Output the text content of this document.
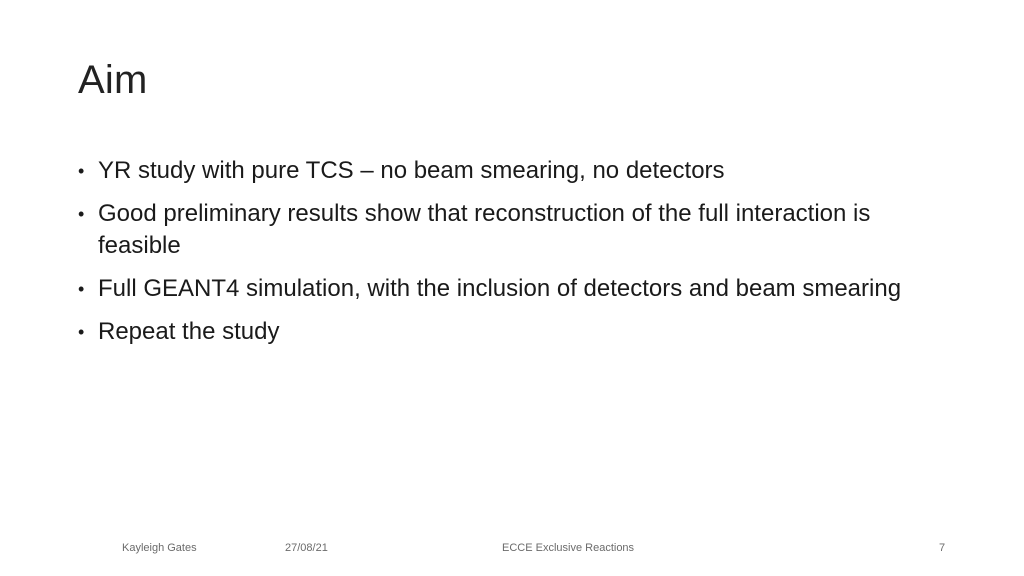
Aim
• YR study with pure TCS – no beam smearing, no detectors
• Good preliminary results show that reconstruction of the full interaction is feasible
• Full GEANT4 simulation, with the inclusion of detectors and beam smearing
• Repeat the study
Kayleigh Gates	27/08/21	ECCE Exclusive Reactions	7
